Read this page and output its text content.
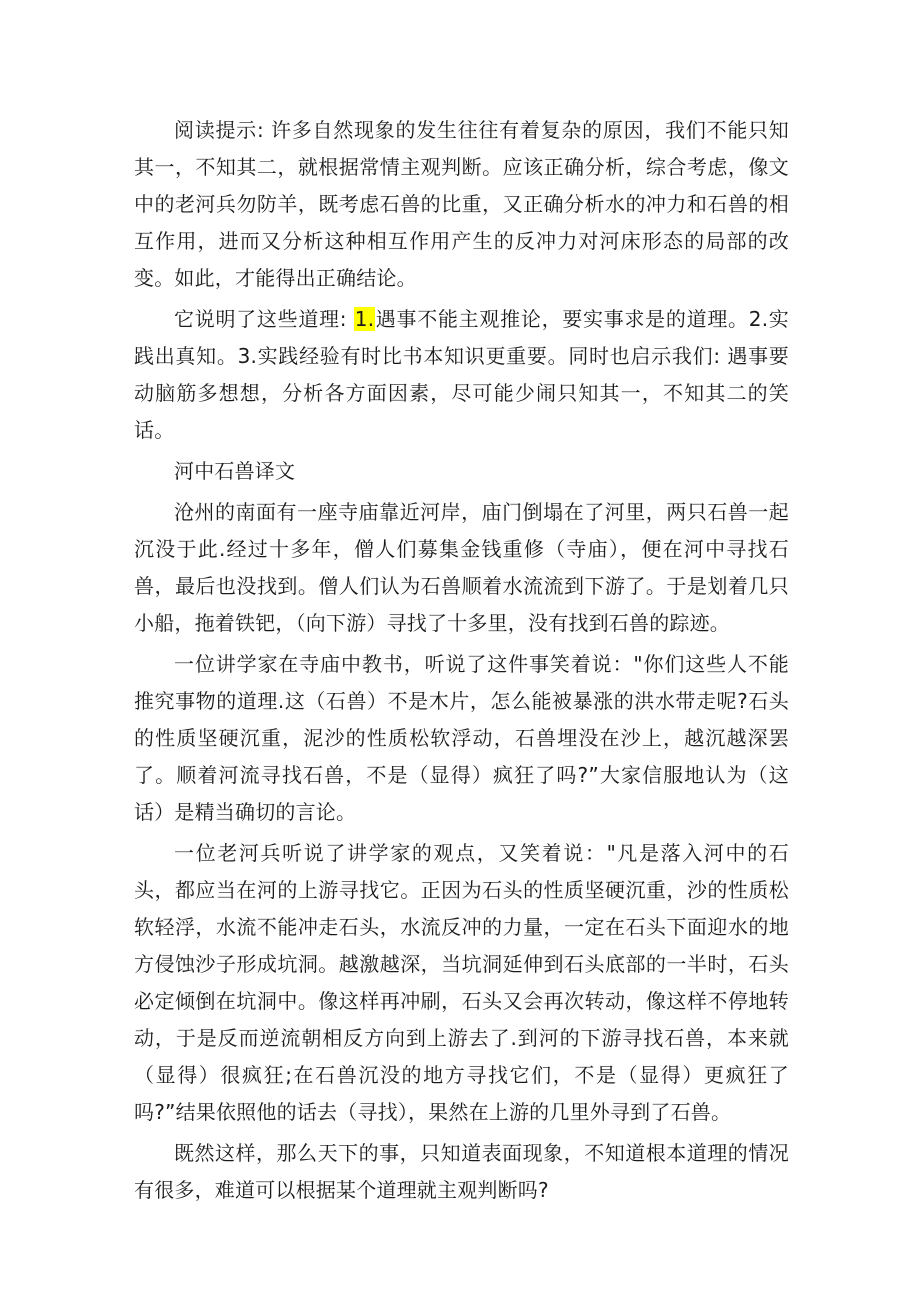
阅读提示: 许多自然现象的发生往往有着复杂的原因，我们不能只知其一，不知其二，就根据常情主观判断。应该正确分析，综合考虑，像文中的老河兵勿防羊，既考虑石兽的比重，又正确分析水的冲力和石兽的相互作用，进而又分析这种相互作用产生的反冲力对河床形态的局部的改变。如此，才能得出正确结论。

它说明了这些道理: 1.遇事不能主观推论，要实事求是的道理。2.实践出真知。3.实践经验有时比书本知识更重要。同时也启示我们: 遇事要动脑筋多想想，分析各方面因素，尽可能少闹只知其一，不知其二的笑话。

河中石兽译文

沧州的南面有一座寺庙靠近河岸，庙门倒塌在了河里，两只石兽一起沉没于此.经过十多年，僧人们募集金钱重修（寺庙），便在河中寻找石兽，最后也没找到。僧人们认为石兽顺着水流流到下游了。于是划着几只小船，拖着铁钯，（向下游）寻找了十多里，没有找到石兽的踪迹。

一位讲学家在寺庙中教书，听说了这件事笑着说："你们这些人不能推究事物的道理.这（石兽）不是木片，怎么能被暴涨的洪水带走呢?石头的性质坚硬沉重，泥沙的性质松软浮动，石兽埋没在沙上，越沉越深罢了。顺着河流寻找石兽，不是（显得）疯狂了吗?”大家信服地认为（这话）是精当确切的言论。

一位老河兵听说了讲学家的观点，又笑着说："凡是落入河中的石头，都应当在河的上游寻找它。正因为石头的性质坚硬沉重，沙的性质松软轻浮，水流不能冲走石头，水流反冲的力量，一定在石头下面迎水的地方侵蚀沙子形成坑洞。越激越深，当坑洞延伸到石头底部的一半时，石头必定倾倒在坑洞中。像这样再冲刷，石头又会再次转动，像这样不停地转动，于是反而逆流朝相反方向到上游去了.到河的下游寻找石兽，本来就（显得）很疯狂;在石兽沉没的地方寻找它们，不是（显得）更疯狂了吗?”结果依照他的话去（寻找），果然在上游的几里外寻到了石兽。

既然这样，那么天下的事，只知道表面现象，不知道根本道理的情况有很多，难道可以根据某个道理就主观判断吗?
